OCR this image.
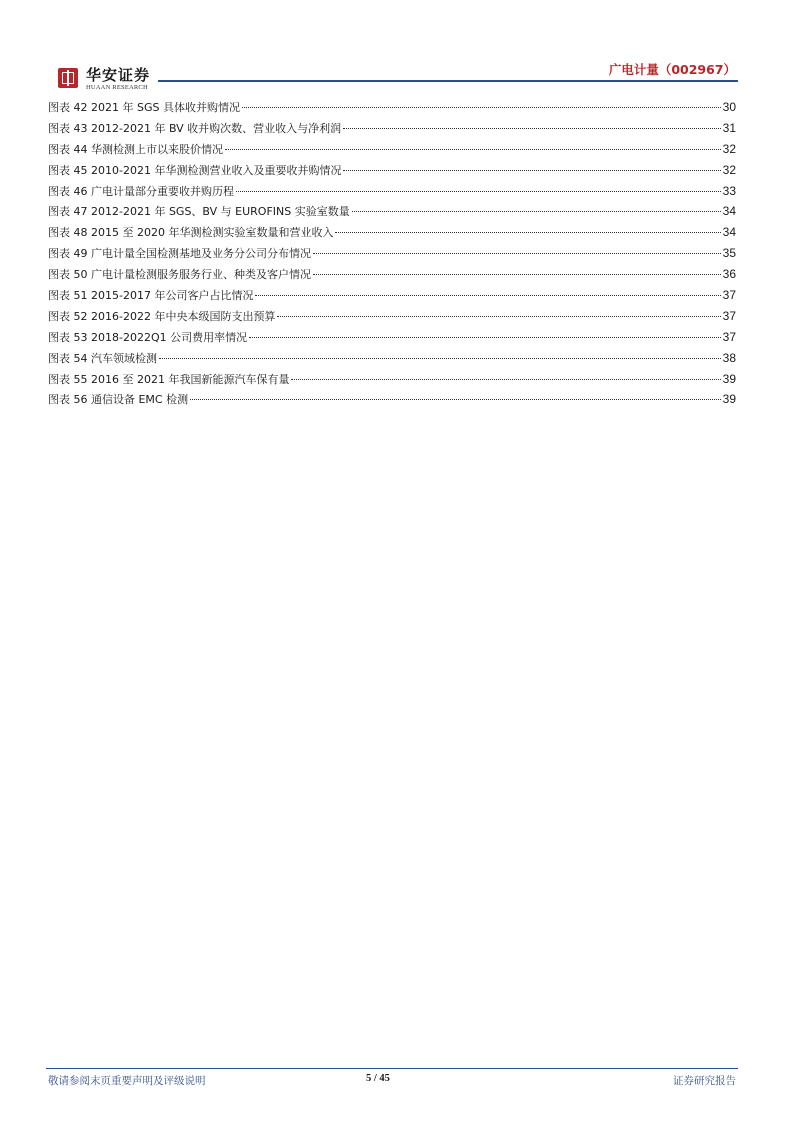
华安证券
HUAAN RESEARCH
广电计量（002967）
图表 42 2021 年 SGS 具体收并购情况	30
图表 43 2012-2021 年 BV 收并购次数、营业收入与净利润	31
图表 44 华测检测上市以来股价情况	32
图表 45 2010-2021 年华测检测营业收入及重要收并购情况	32
图表 46 广电计量部分重要收并购历程	33
图表 47 2012-2021 年 SGS、BV 与 EUROFINS 实验室数量	34
图表 48 2015 至 2020 年华测检测实验室数量和营业收入	34
图表 49 广电计量全国检测基地及业务分公司分布情况	35
图表 50 广电计量检测服务服务行业、种类及客户情况	36
图表 51 2015-2017 年公司客户占比情况	37
图表 52 2016-2022 年中央本级国防支出预算	37
图表 53 2018-2022Q1 公司费用率情况	37
图表 54 汽车领域检测	38
图表 55 2016 至 2021 年我国新能源汽车保有量	39
图表 56 通信设备 EMC 检测	39
敬请参阅末页重要声明及评级说明	5 / 45	证券研究报告
